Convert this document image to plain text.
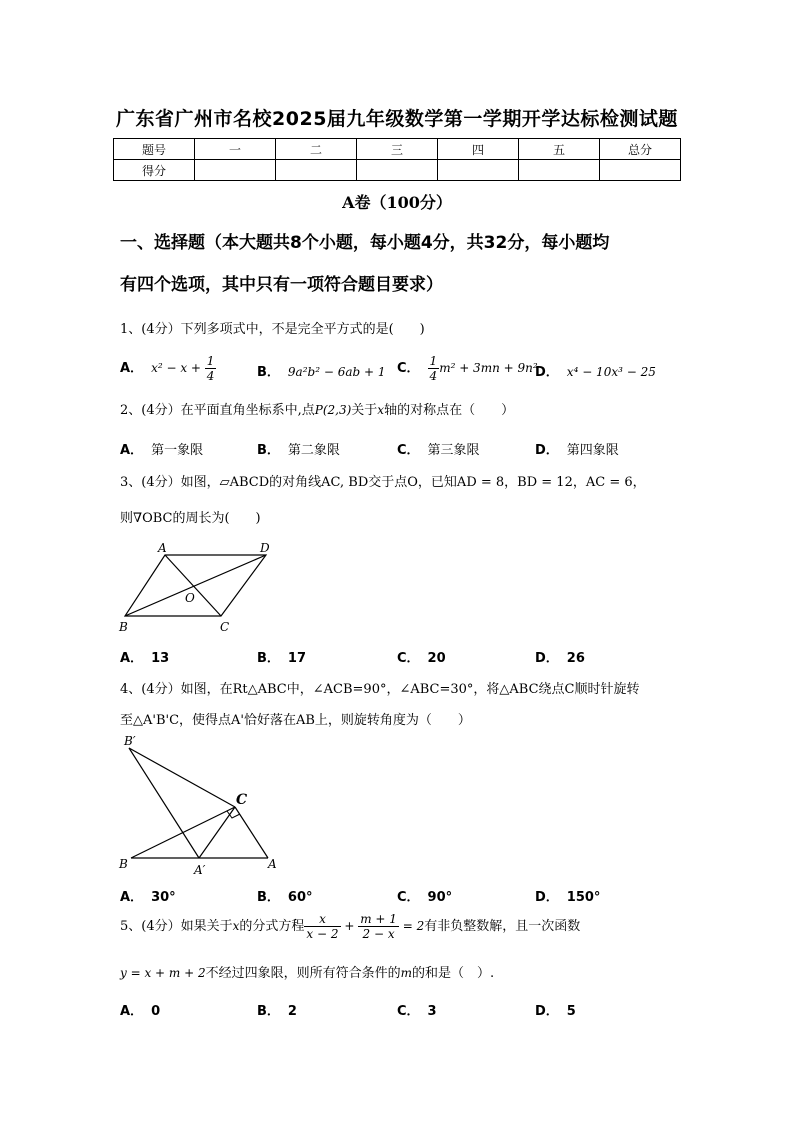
广东省广州市名校2025届九年级数学第一学期开学达标检测试题
题号	一	二	三	四	五	总分
得分						
A卷（100分）
一、选择题（本大题共8个小题，每小题4分，共32分，每小题均
有四个选项，其中只有一项符合题目要求）
1、(4分）下列多项式中，不是完全平方式的是(　　)
A． $x^2 - x + \frac{1}{4}$	B． 9a²b² − 6ab + 1 C． $\frac{1}{4} m^2 + 3mn + 9n^2$
D． x⁴ − 10x³ − 25
2、(4分）在平面直角坐标系中,点P(2,3)关于x轴的对称点在（　　）
A． 第一象限	B． 第二象限	C． 第三象限	D． 第四象限
3、(4分）如图，▱ABCD的对角线AC, BD交于点O，已知AD = 8，BD = 12，AC = 6，
则∇OBC的周长为(　　)
A	D
O
B	C
A． 13	B． 17	C． 20	D． 26
4、(4分）如图，在Rt△ABC中，∠ACB=90°，∠ABC=30°，将△ABC绕点C顺时针旋转
至△A'B'C，使得点A'恰好落在AB上，则旋转角度为（　　）
B′
C
B	A′	A
A． 30°	B． 60°	C． 90°	D． 150°
5、(4分）如果关于x的分式方程 $\frac{x}{x - 2} + \frac{m + 1}{2 - x} = 2$有非负整数解，且一次函数
y = x + m + 2不经过四象限，则所有符合条件的m的和是（　）.
A． 0	B． 2	C． 3	D． 5
